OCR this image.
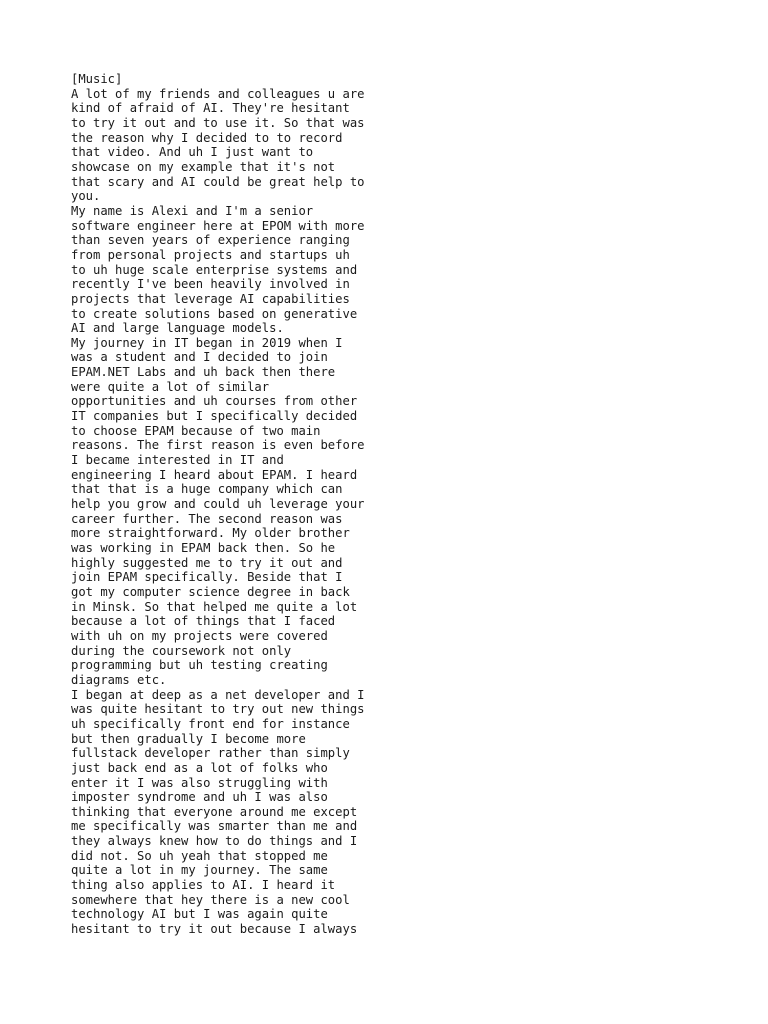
[Music]

A lot of my friends and colleagues u are
kind of afraid of AI. They're hesitant
to try it out and to use it. So that was
the reason why I decided to to record
that video. And uh I just want to
showcase on my example that it's not
that scary and AI could be great help to
you.

My name is Alexi and I'm a senior
software engineer here at EPOM with more
than seven years of experience ranging
from personal projects and startups uh
to uh huge scale enterprise systems and
recently I've been heavily involved in
projects that leverage AI capabilities
to create solutions based on generative
AI and large language models.

My journey in IT began in 2019 when I
was a student and I decided to join
EPAM.NET Labs and uh back then there
were quite a lot of similar
opportunities and uh courses from other
IT companies but I specifically decided
to choose EPAM because of two main
reasons. The first reason is even before
I became interested in IT and
engineering I heard about EPAM. I heard
that that is a huge company which can
help you grow and could uh leverage your
career further. The second reason was
more straightforward. My older brother
was working in EPAM back then. So he
highly suggested me to try it out and
join EPAM specifically. Beside that I
got my computer science degree in back
in Minsk. So that helped me quite a lot
because a lot of things that I faced
with uh on my projects were covered
during the coursework not only
programming but uh testing creating
diagrams etc.

I began at deep as a net developer and I
was quite hesitant to try out new things
uh specifically front end for instance
but then gradually I become more
fullstack developer rather than simply
just back end as a lot of folks who
enter it I was also struggling with
imposter syndrome and uh I was also
thinking that everyone around me except
me specifically was smarter than me and
they always knew how to do things and I
did not. So uh yeah that stopped me
quite a lot in my journey. The same
thing also applies to AI. I heard it
somewhere that hey there is a new cool
technology AI but I was again quite
hesitant to try it out because I always
